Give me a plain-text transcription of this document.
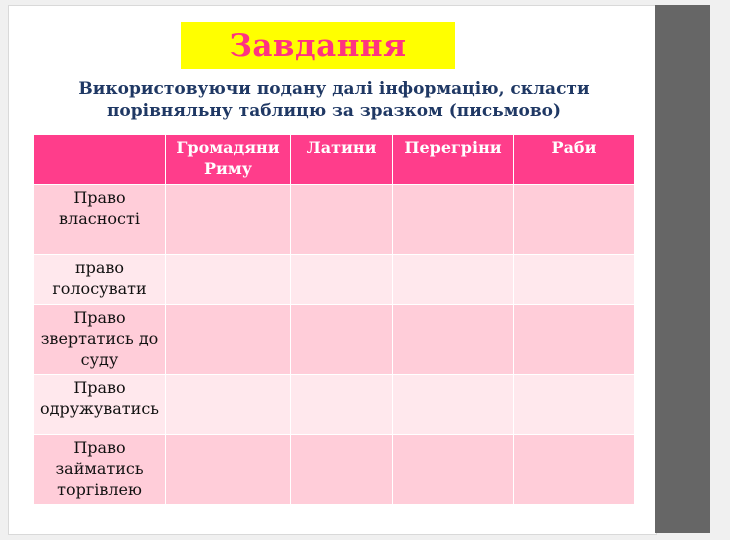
Завдання
Використовуючи подану далі інформацію, скласти
порівняльну таблицю за зразком (письмово)
	Громадяни Риму	Латини	Перегріни	Раби
Право власності				
право голосувати				
Право звертатись до суду				
Право одружуватись				
Право займатись торгівлею				
